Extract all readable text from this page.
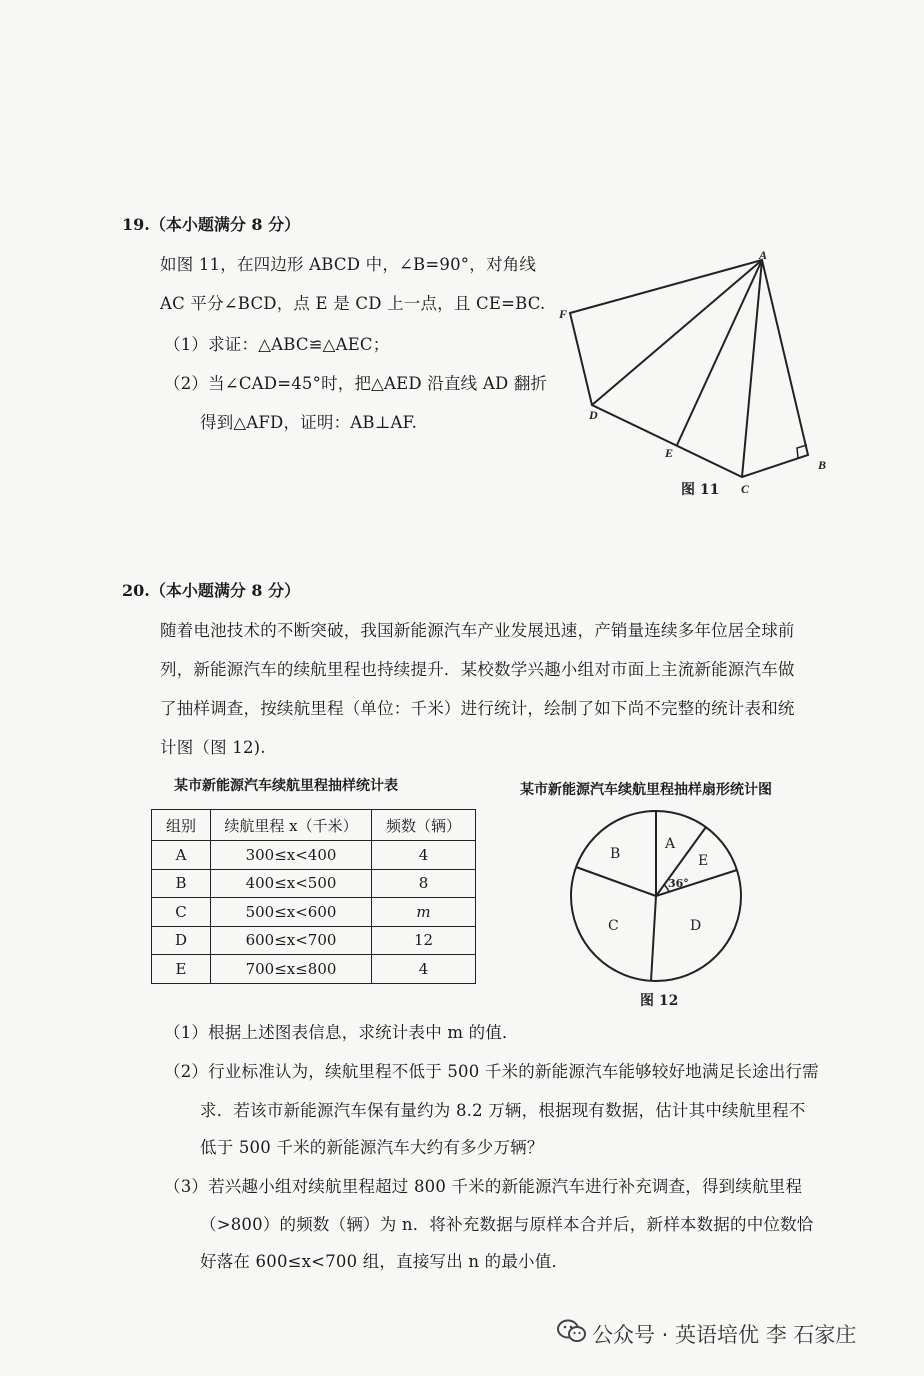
19.（本小题满分 8 分）
如图 11，在四边形 ABCD 中，∠B=90°，对角线
AC 平分∠BCD，点 E 是 CD 上一点，且 CE=BC.
（1）求证：△ABC≌△AEC；
（2）当∠CAD=45°时，把△AED 沿直线 AD 翻折
得到△AFD，证明：AB⊥AF.
A
B
C
D
E
F
图 11
20.（本小题满分 8 分）
随着电池技术的不断突破，我国新能源汽车产业发展迅速，产销量连续多年位居全球前
列，新能源汽车的续航里程也持续提升．某校数学兴趣小组对市面上主流新能源汽车做
了抽样调查，按续航里程（单位：千米）进行统计，绘制了如下尚不完整的统计表和统
计图（图 12).
某市新能源汽车续航里程抽样统计表
组别	续航里程 x（千米）	频数（辆）
A	300≤x<400	4
B	400≤x<500	8
C	500≤x<600	m
D	600≤x<700	12
E	700≤x≤800	4
某市新能源汽车续航里程抽样扇形统计图
A
B
C	D
E
36°
图 12
（1）根据上述图表信息，求统计表中 m 的值．
（2）行业标准认为，续航里程不低于 500 千米的新能源汽车能够较好地满足长途出行需
求．若该市新能源汽车保有量约为 8.2 万辆，根据现有数据，估计其中续航里程不
低于 500 千米的新能源汽车大约有多少万辆？
（3）若兴趣小组对续航里程超过 800 千米的新能源汽车进行补充调查，得到续航里程
（>800）的频数（辆）为 n．将补充数据与原样本合并后，新样本数据的中位数恰
好落在 600≤x<700 组，直接写出 n 的最小值．
公众号 · 英语培优 李 石家庄
